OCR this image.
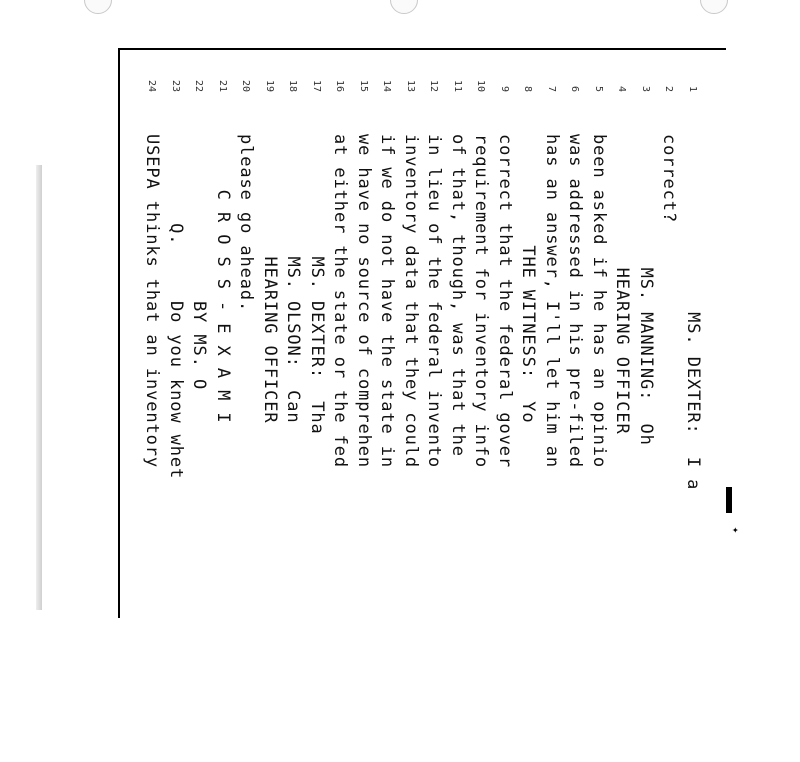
✦
1
MS. DEXTER:  I a
2
correct?
3
MS. MANNING:  Oh
4
HEARING OFFICER
5
been asked if he has an opinio
6
was addressed in his pre-filed
7
has an answer, I'll let him an
8
THE WITNESS:  Yo
9
correct that the federal gover
10
requirement for inventory info
11
of that, though, was that the
12
in lieu of the federal invento
13
inventory data that they could
14
if we do not have the state in
15
we have no source of comprehen
16
at either the state or the fed
17
MS. DEXTER:  Tha
18
MS. OLSON:  Can
19
HEARING OFFICER
20
please go ahead.
21
C R O S S - E X A M I
22
BY MS. O
23
Q.     Do you know whet
24
USEPA thinks that an inventory
